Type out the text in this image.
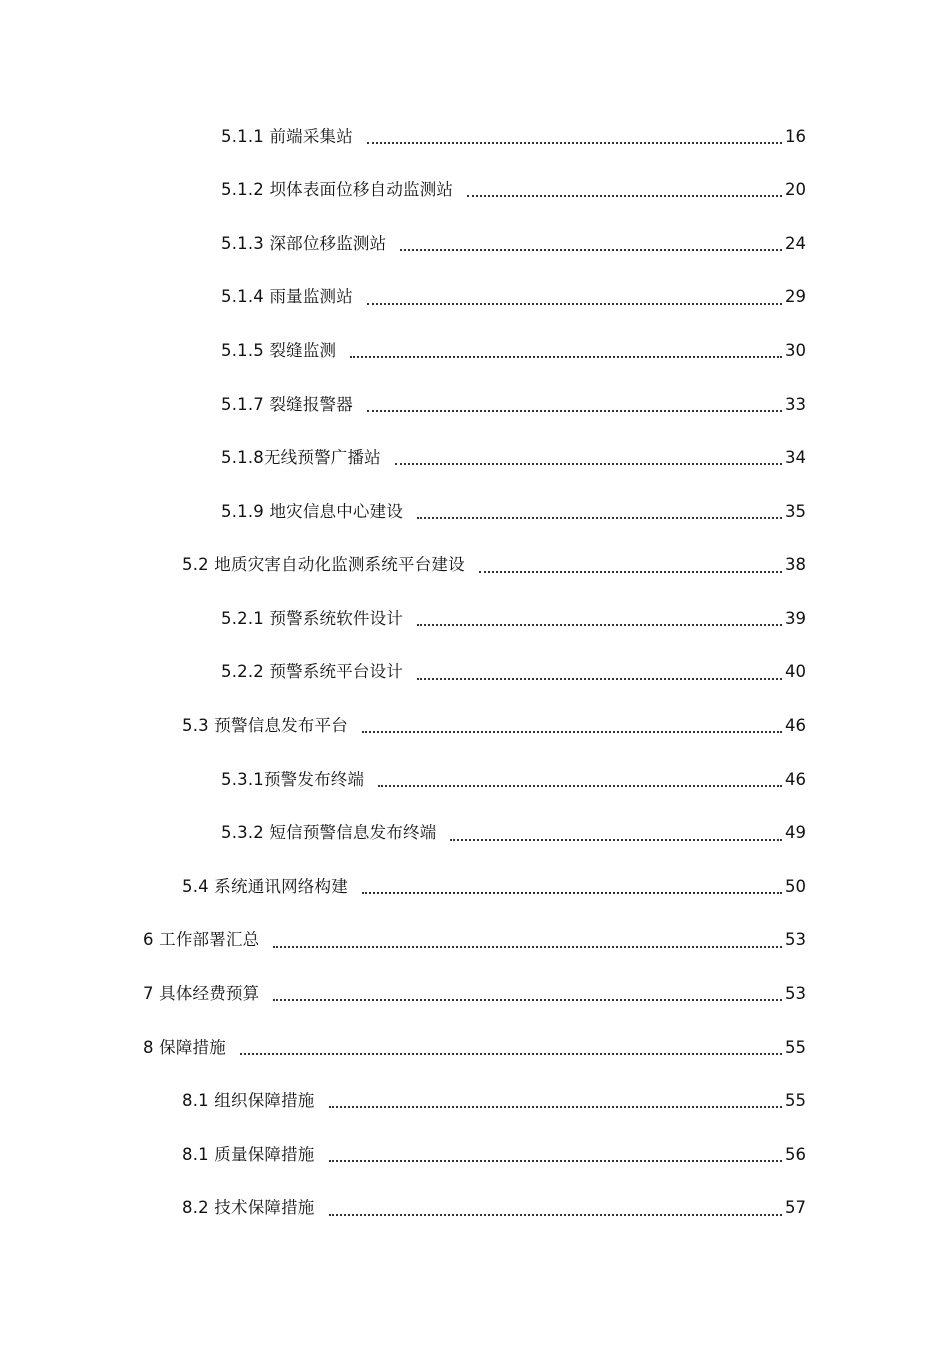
5.1.1 前端采集站	16
5.1.2 坝体表面位移自动监测站	20
5.1.3 深部位移监测站	24
5.1.4 雨量监测站	29
5.1.5 裂缝监测	30
5.1.7 裂缝报警器	33
5.1.8无线预警广播站	34
5.1.9 地灾信息中心建设	35
5.2 地质灾害自动化监测系统平台建设	38
5.2.1 预警系统软件设计	39
5.2.2 预警系统平台设计	40
5.3 预警信息发布平台	46
5.3.1预警发布终端	46
5.3.2 短信预警信息发布终端	49
5.4 系统通讯网络构建	50
6 工作部署汇总	53
7 具体经费预算	53
8 保障措施	55
8.1 组织保障措施	55
8.1 质量保障措施	56
8.2 技术保障措施	57
